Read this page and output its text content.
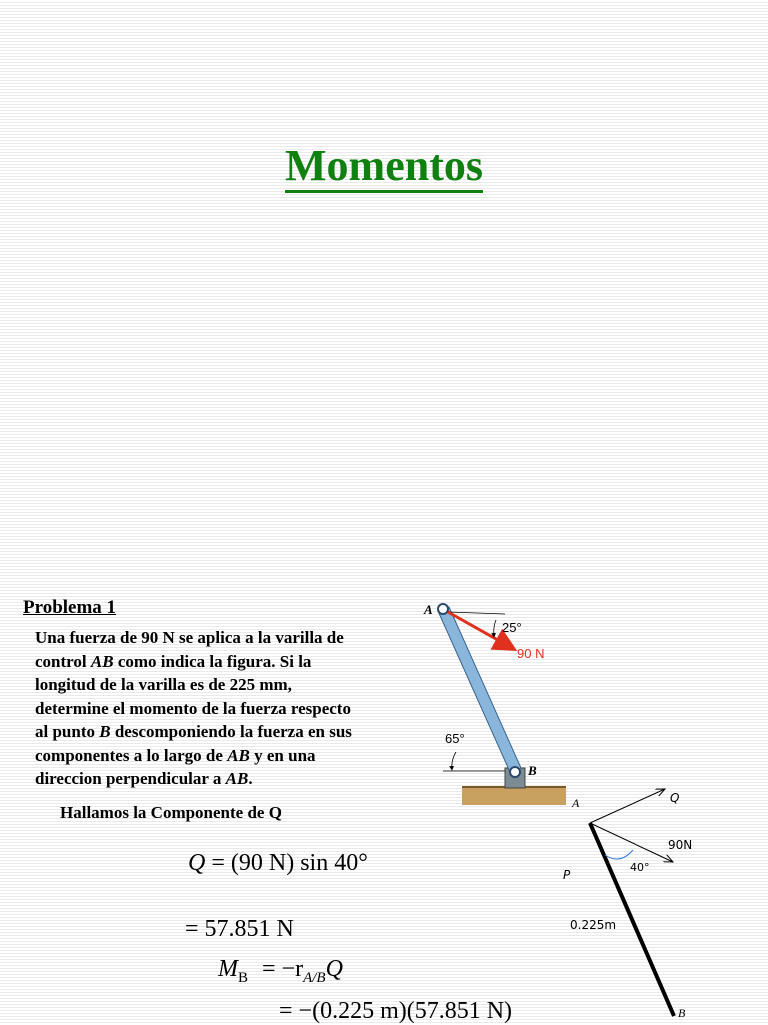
Momentos
Problema 1
Una fuerza de 90 N se aplica a la varilla de
control AB como indica la figura. Si la
longitud de la varilla es de 225 mm,
determine el momento de la fuerza respecto
al punto B descomponiendo la fuerza en sus
componentes a lo largo de AB y en una
direccion perpendicular a AB.
Hallamos la Componente de Q
Q = (90 N) sin 40°
= 57.851 N
$M_B = -r_{A/B}Q$
= −(0.225 m)(57.851 N)
A
B
25°
90 N
65°
A
B
Q
90N
40°
P
0.225m
